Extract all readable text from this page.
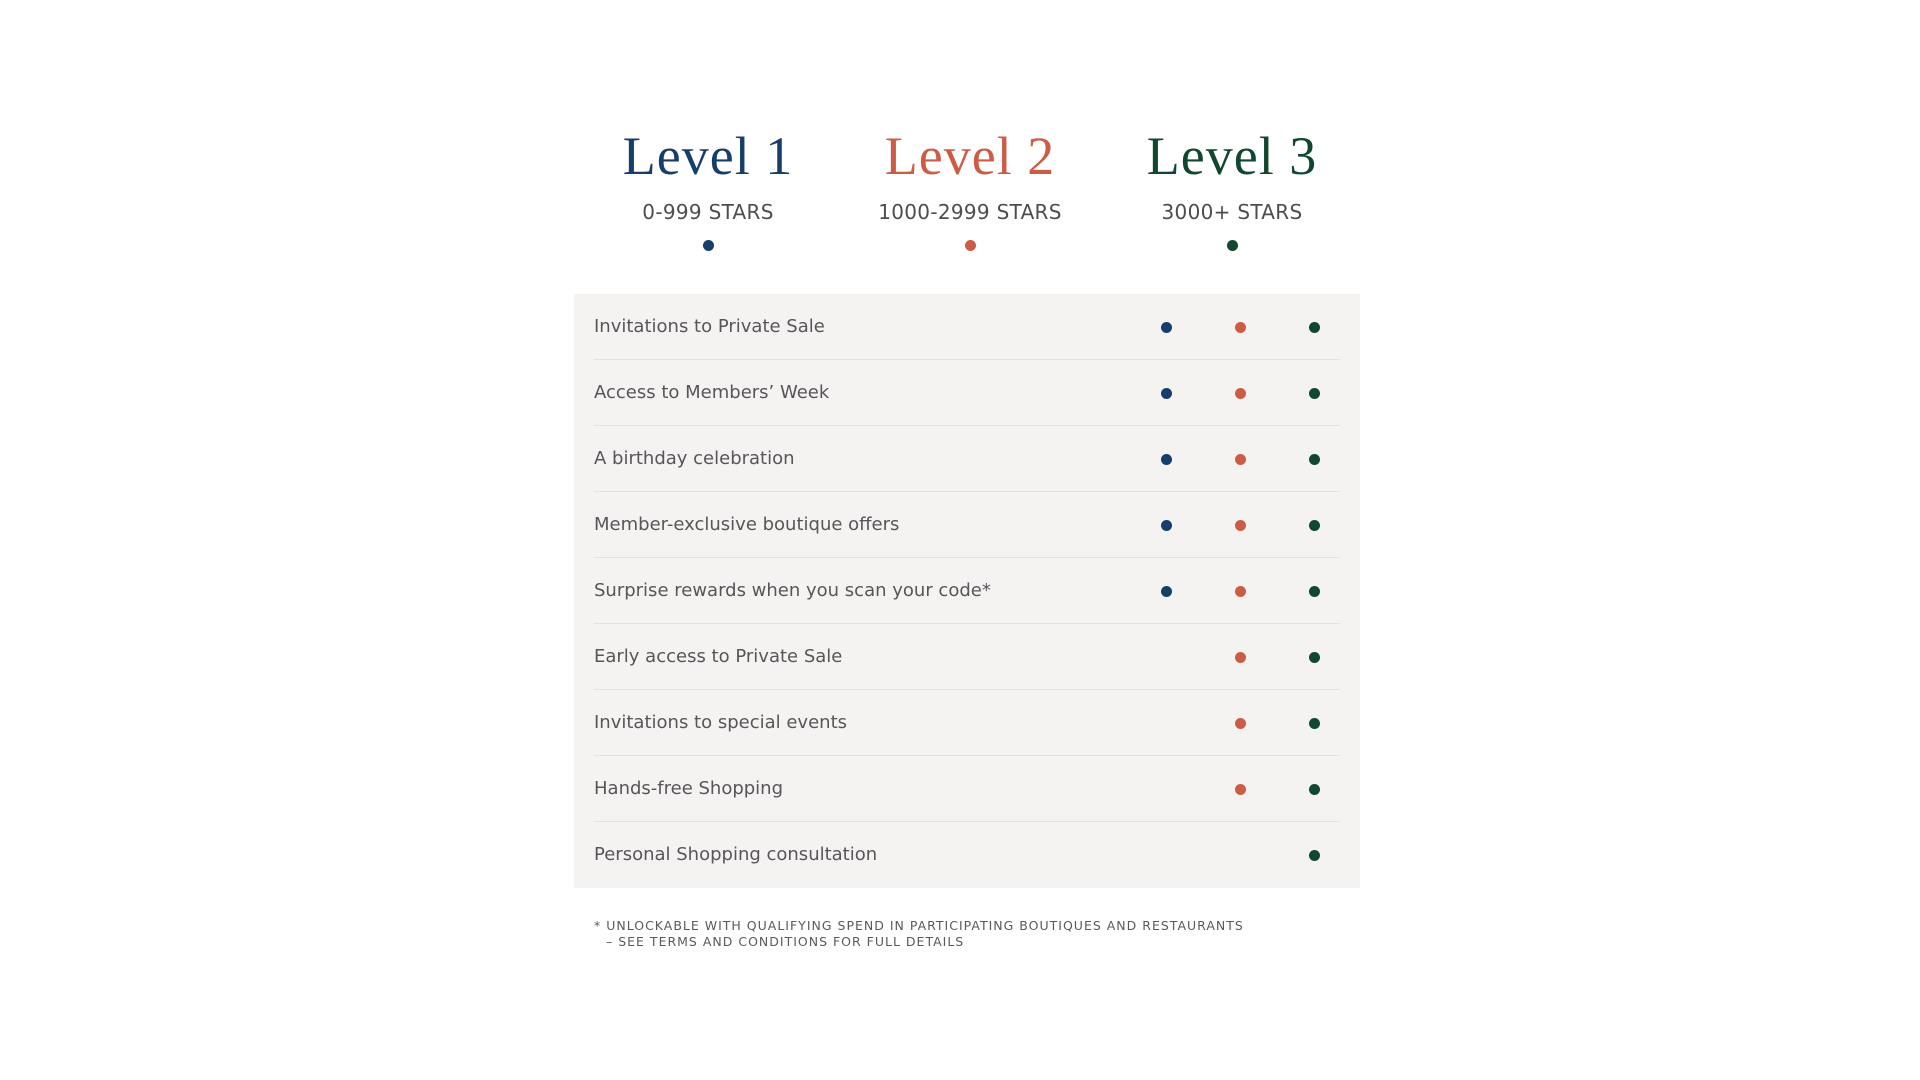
Level 1
0-999 STARS
Level 2
1000-2999 STARS
Level 3
3000+ STARS
Invitations to Private Sale
Access to Members’ Week
A birthday celebration
Member-exclusive boutique offers
Surprise rewards when you scan your code*
Early access to Private Sale
Invitations to special events
Hands-free Shopping
Personal Shopping consultation
* UNLOCKABLE WITH QUALIFYING SPEND IN PARTICIPATING BOUTIQUES AND RESTAURANTS
– SEE TERMS AND CONDITIONS FOR FULL DETAILS
